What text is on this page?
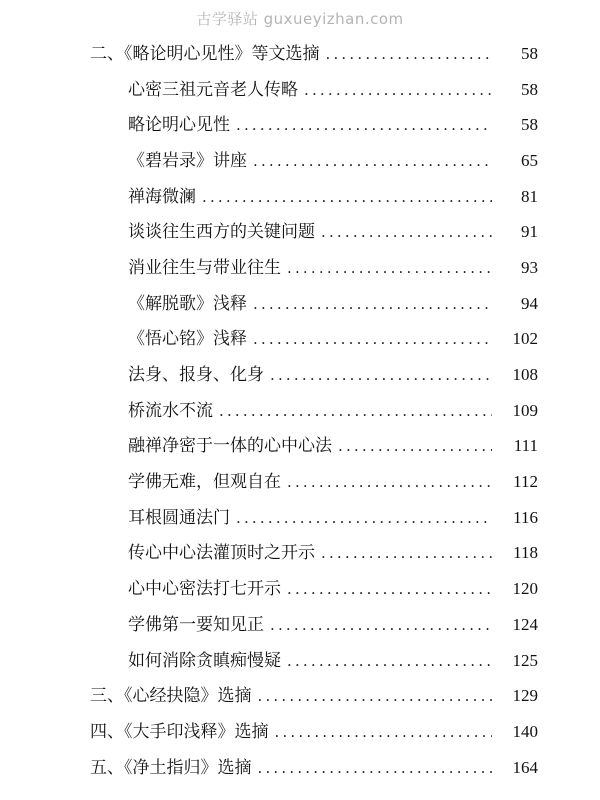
古学驿站 guxueyizhan.com
二、《略论明心见性》等文选摘 .....	58
心密三祖元音老人传略 .....	58
略论明心见性 .....	58
《碧岩录》讲座 .....	65
禅海微澜 .....	81
谈谈往生西方的关键问题 .....	91
消业往生与带业往生 .....	93
《解脱歌》浅释 .....	94
《悟心铭》浅释 .....	102
法身、报身、化身 .....	108
桥流水不流 .....	109
融禅净密于一体的心中心法 .....	111
学佛无难，但观自在 .....	112
耳根圆通法门 .....	116
传心中心法灌顶时之开示 .....	118
心中心密法打七开示 .....	120
学佛第一要知见正 .....	124
如何消除贪瞋痴慢疑 .....	125
三、《心经抉隐》选摘 .....	129
四、《大手印浅释》选摘 .....	140
五、《净土指归》选摘 .....	164
